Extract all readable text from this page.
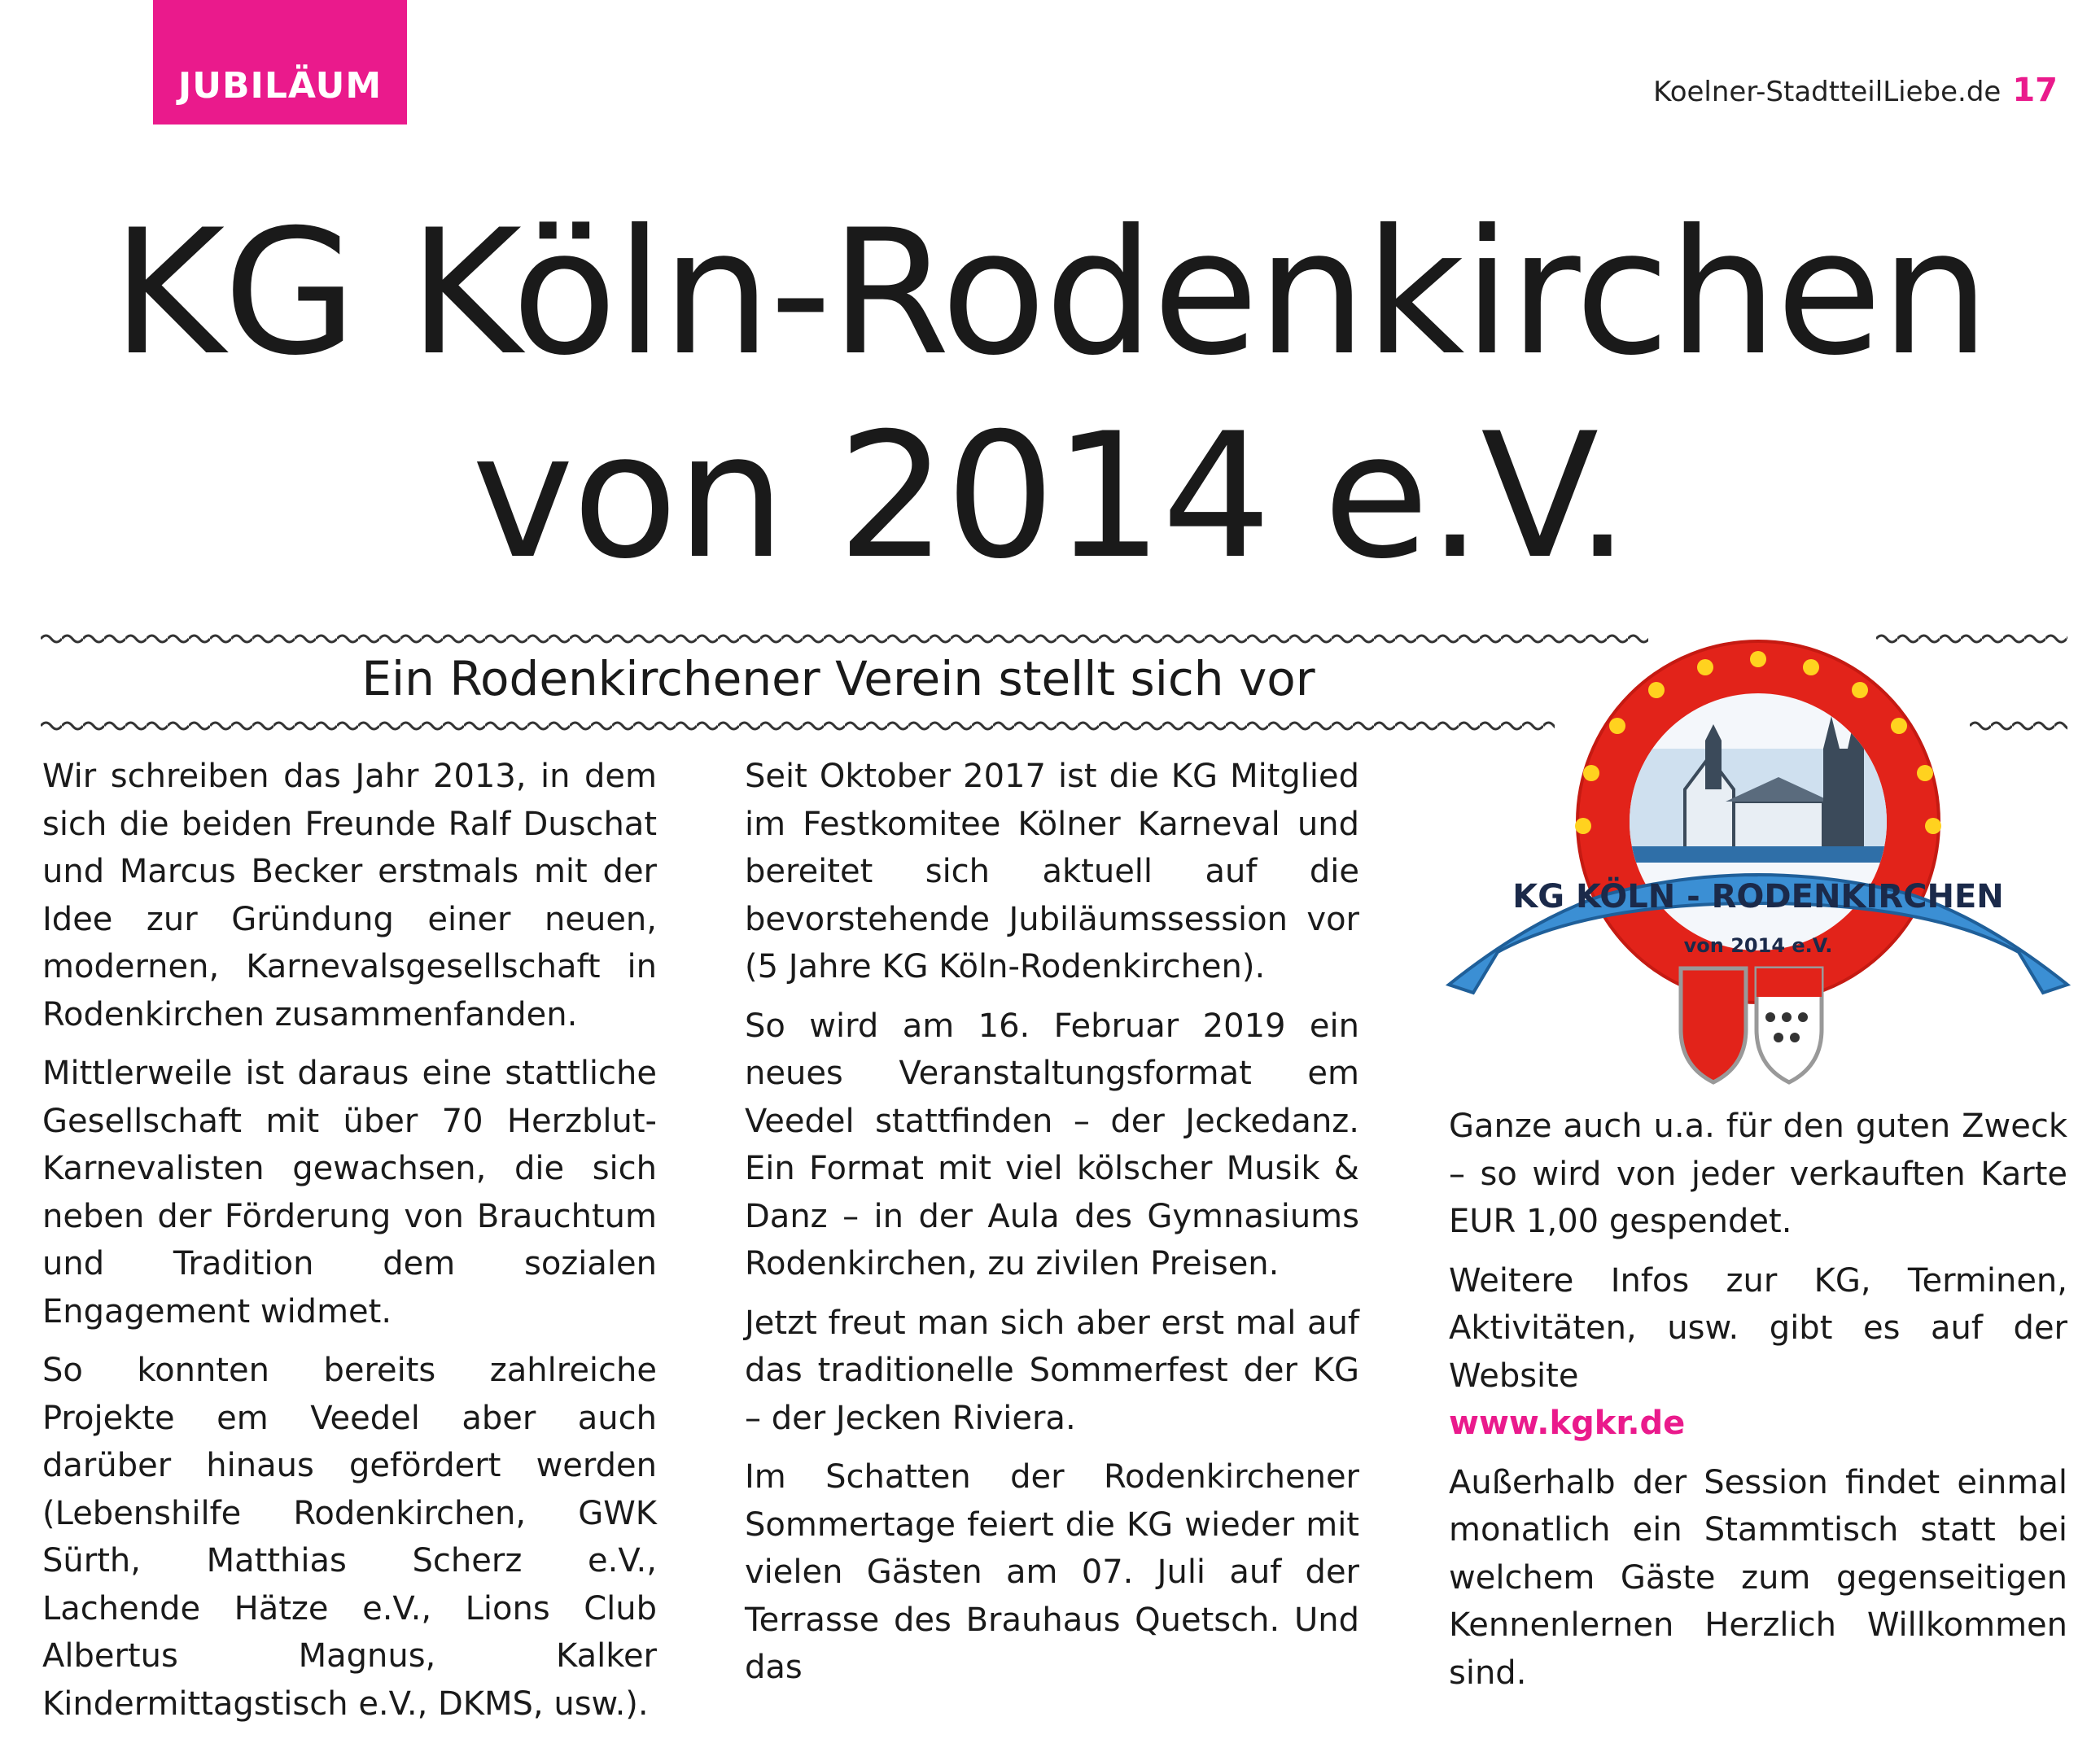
JUBILÄUM	Koelner-StadtteilLiebe.de 17
KG Köln-Rodenkirchen
von 2014 e.V.
Ein Rodenkirchener Verein stellt sich vor

Wir schreiben das Jahr 2013, in dem sich die beiden Freunde Ralf Duschat und Marcus Becker erstmals mit der Idee zur Gründung einer neuen, modernen, Karnevalsgesellschaft in Rodenkirchen zusammenfanden.

Mittlerweile ist daraus eine stattliche Gesellschaft mit über 70 Herzblut-Karnevalisten gewachsen, die sich neben der Förderung von Brauchtum und Tradition dem sozialen Engagement widmet.

So konnten bereits zahlreiche Projekte em Veedel aber auch darüber hinaus gefördert werden (Lebenshilfe Rodenkirchen, GWK Sürth, Matthias Scherz e.V., Lachende Hätze e.V., Lions Club Albertus Magnus, Kalker Kindermittagstisch e.V., DKMS, usw.).

Seit Oktober 2017 ist die KG Mitglied im Festkomitee Kölner Karneval und bereitet sich aktuell auf die bevorstehende Jubiläumssession vor (5 Jahre KG Köln-Rodenkirchen).

So wird am 16. Februar 2019 ein neues Veranstaltungsformat em Veedel stattfinden – der Jeckedanz. Ein Format mit viel kölscher Musik & Danz – in der Aula des Gymnasiums Rodenkirchen, zu zivilen Preisen.

Jetzt freut man sich aber erst mal auf das traditionelle Sommerfest der KG – der Jecken Riviera.

Im Schatten der Rodenkirchener Sommertage feiert die KG wieder mit vielen Gästen am 07. Juli auf der Terrasse des Brauhaus Quetsch. Und das

KG KÖLN - RODENKIRCHEN
von 2014 e.V.

Ganze auch u.a. für den guten Zweck – so wird von jeder verkauften Karte EUR 1,00 gespendet.

Weitere Infos zur KG, Terminen, Aktivitäten, usw. gibt es auf der Website
www.kgkr.de

Außerhalb der Session findet einmal monatlich ein Stammtisch statt bei welchem Gäste zum gegenseitigen Kennenlernen Herzlich Willkommen sind.
